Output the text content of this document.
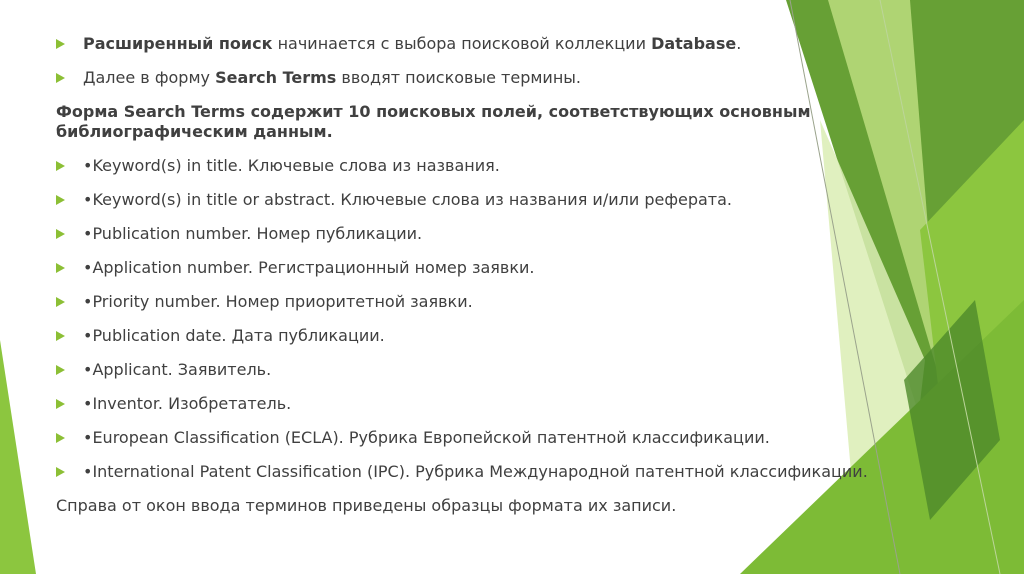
Расширенный поиск начинается с выбора поисковой коллекции Database.
Далее в форму Search Terms вводят поисковые термины.
Форма Search Terms содержит 10 поисковых полей, соответствующих основным библиографическим данным.
•Keyword(s) in title. Ключевые слова из названия.
•Keyword(s) in title or abstract. Ключевые слова из названия и/или реферата.
•Publication number. Номер публикации.
•Application number. Регистрационный номер заявки.
•Priority number. Номер приоритетной заявки.
•Publication date. Дата публикации.
•Applicant. Заявитель.
•Inventor. Изобретатель.
•European Classification (ECLA). Рубрика Европейской патентной классификации.
•International Patent Classification (IPC). Рубрика Международной патентной классификации.
Справа от окон ввода терминов приведены образцы формата их записи.
